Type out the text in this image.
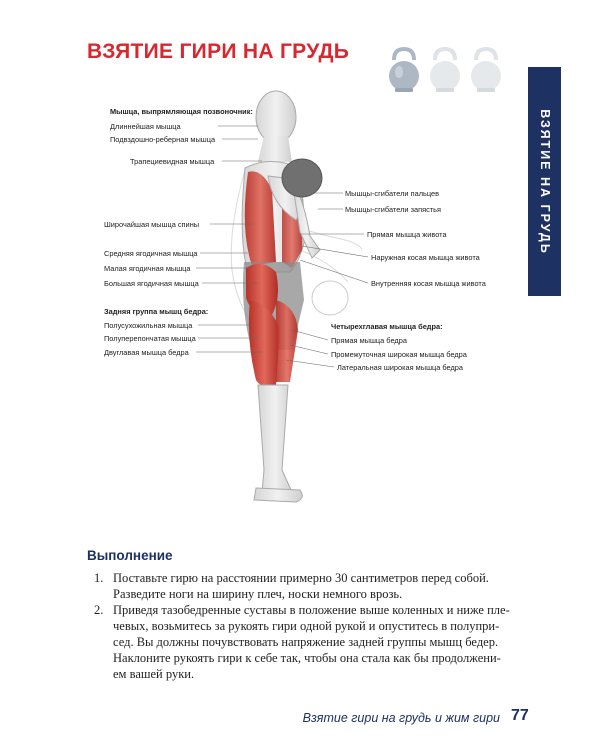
ВЗЯТИЕ ГИРИ НА ГРУДЬ
ВЗЯТИЕ НА ГРУДЬ
Мышца, выпрямляющая позвоночник:
Длиннейшая мышца
Подвздошно-реберная мышца
Трапециевидная мышца
Широчайшая мышца спины
Средняя ягодичная мышца
Малая ягодичная мышца
Большая ягодичная мышца
Задняя группа мышц бедра:
Полусухожильная мышца
Полуперепончатая мышца
Двуглавая мышца бедра
Мышцы-сгибатели пальцев
Мышцы-сгибатели запястья
Прямая мышца живота
Наружная косая мышца живота
Внутренняя косая мышца живота
Четырехглавая мышца бедра:
Прямая мышца бедра
Промежуточная широкая мышца бедра
Латеральная широкая мышца бедра
Выполнение
1. Поставьте гирю на расстоянии примерно 30 сантиметров перед собой.
Разведите ноги на ширину плеч, носки немного врозь.
2. Приведя тазобедренные суставы в положение выше коленных и ниже пле-
чевых, возьмитесь за рукоять гири одной рукой и опуститесь в полупри-
сед. Вы должны почувствовать напряжение задней группы мышц бедер.
Наклоните рукоять гири к себе так, чтобы она стала как бы продолжени-
ем вашей руки.
Взятие гири на грудь и жим гири 77
